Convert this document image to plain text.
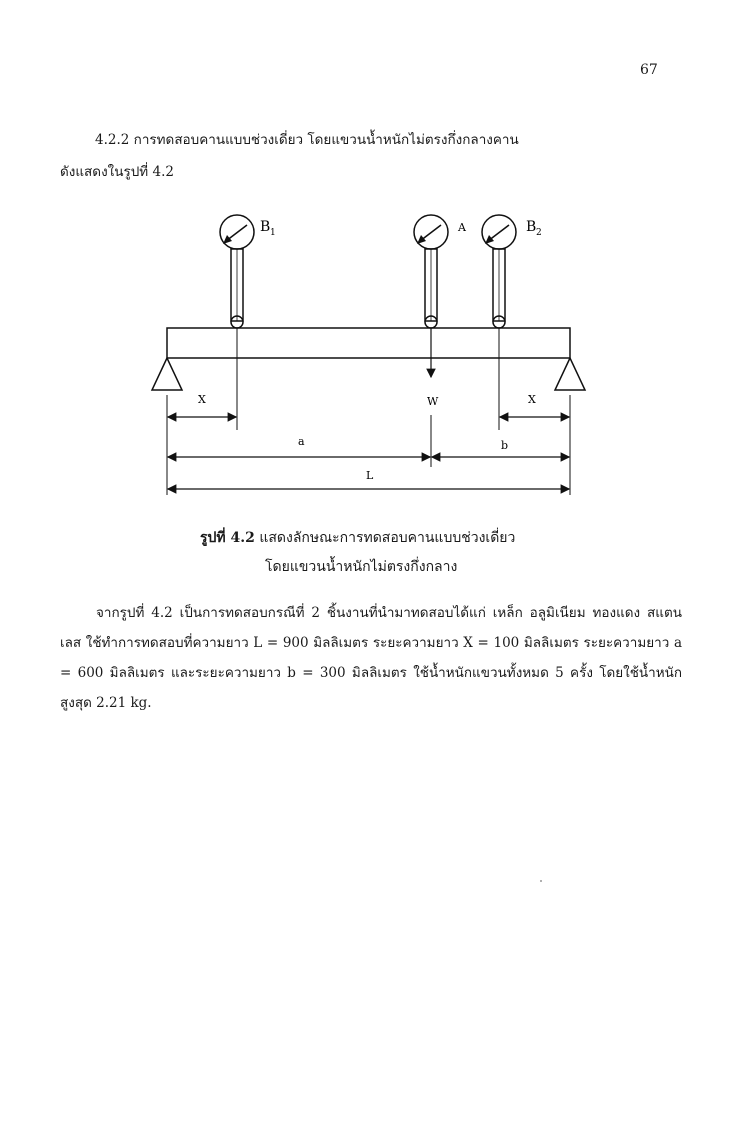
67
4.2.2 การทดสอบคานแบบช่วงเดี่ยว โดยแขวนน้ำหนักไม่ตรงกึ่งกลางคาน
ดังแสดงในรูปที่ 4.2
B 1	A	B 2
W
X	X
a	b
L
รูปที่ 4.2 แสดงลักษณะการทดสอบคานแบบช่วงเดี่ยว
โดยแขวนน้ำหนักไม่ตรงกึ่งกลาง
จากรูปที่ 4.2 เป็นการทดสอบกรณีที่ 2 ชิ้นงานที่นำมาทดสอบได้แก่ เหล็ก อลูมิเนียม ทองแดง สแตนเลส ใช้ทำการทดสอบที่ความยาว L = 900 มิลลิเมตร ระยะความยาว X = 100 มิลลิเมตร ระยะความยาว a = 600 มิลลิเมตร และระยะความยาว b = 300 มิลลิเมตร ใช้น้ำหนักแขวนทั้งหมด 5 ครั้ง โดยใช้น้ำหนักสูงสุด 2.21 kg.
